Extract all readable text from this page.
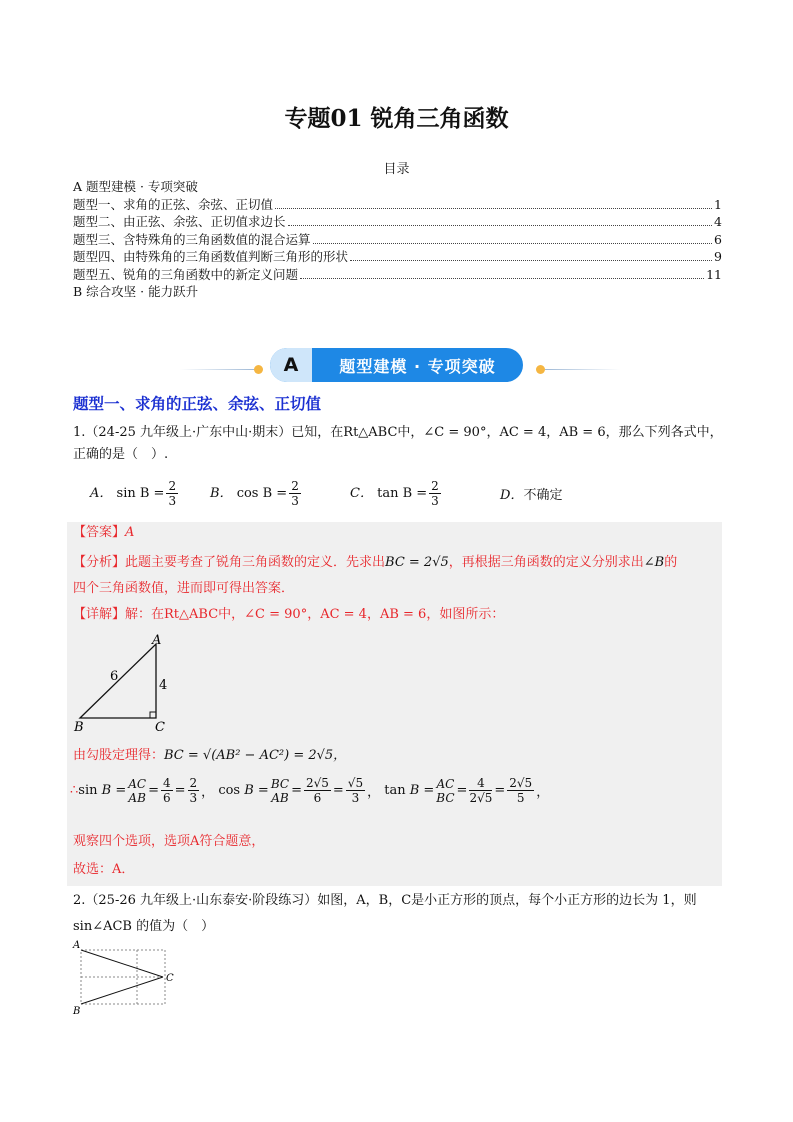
专题01 锐角三角函数
目录
A 题型建模 · 专项突破
题型一、求角的正弦、余弦、正切值	1
题型二、由正弦、余弦、正切值求边长	4
题型三、含特殊角的三角函数值的混合运算	6
题型四、由特殊角的三角函数值判断三角形的形状	9
题型五、锐角的三角函数中的新定义问题	11
B 综合攻坚 · 能力跃升
A	题型建模 · 专项突破
题型一、求角的正弦、余弦、正切值
1.（24-25 九年级上·广东中山·期末）已知，在Rt△ABC中，∠C = 90°，AC = 4，AB = 6，那么下列各式中，
正确的是（　）.
A． $\sin B = \frac{2}{3}$ B． $\cos B = \frac{2}{3}$	C． $\tan B = \frac{2}{3}$	D．不确定
【答案】A
【分析】此题主要考查了锐角三角函数的定义．先求出BC = 2√5，再根据三角函数的定义分别求出∠B的
四个三角函数值，进而即可得出答案．
【详解】解：在Rt△ABC中，∠C = 90°，AC = 4，AB = 6，如图所示：
A
B	C
6
4
由勾股定理得：BC = √(AB² − AC²) = 2√5，
∴ sin B = AC
AB = $\frac{4}{6} = \frac{2}{3}$ ， cos B = BC
AB = $\frac{2√5}{6} = \frac{√5}{3}$ ， tan B = AC
BC = $\frac{4}{2√5} = \frac{2√5}{5}$ ，
观察四个选项，选项A符合题意，
故选：A．
2.（25-26 九年级上·山东泰安·阶段练习）如图，A，B，C是小正方形的顶点，每个小正方形的边长为 1，则
sin∠ACB 的值为（　）
A
B
C
